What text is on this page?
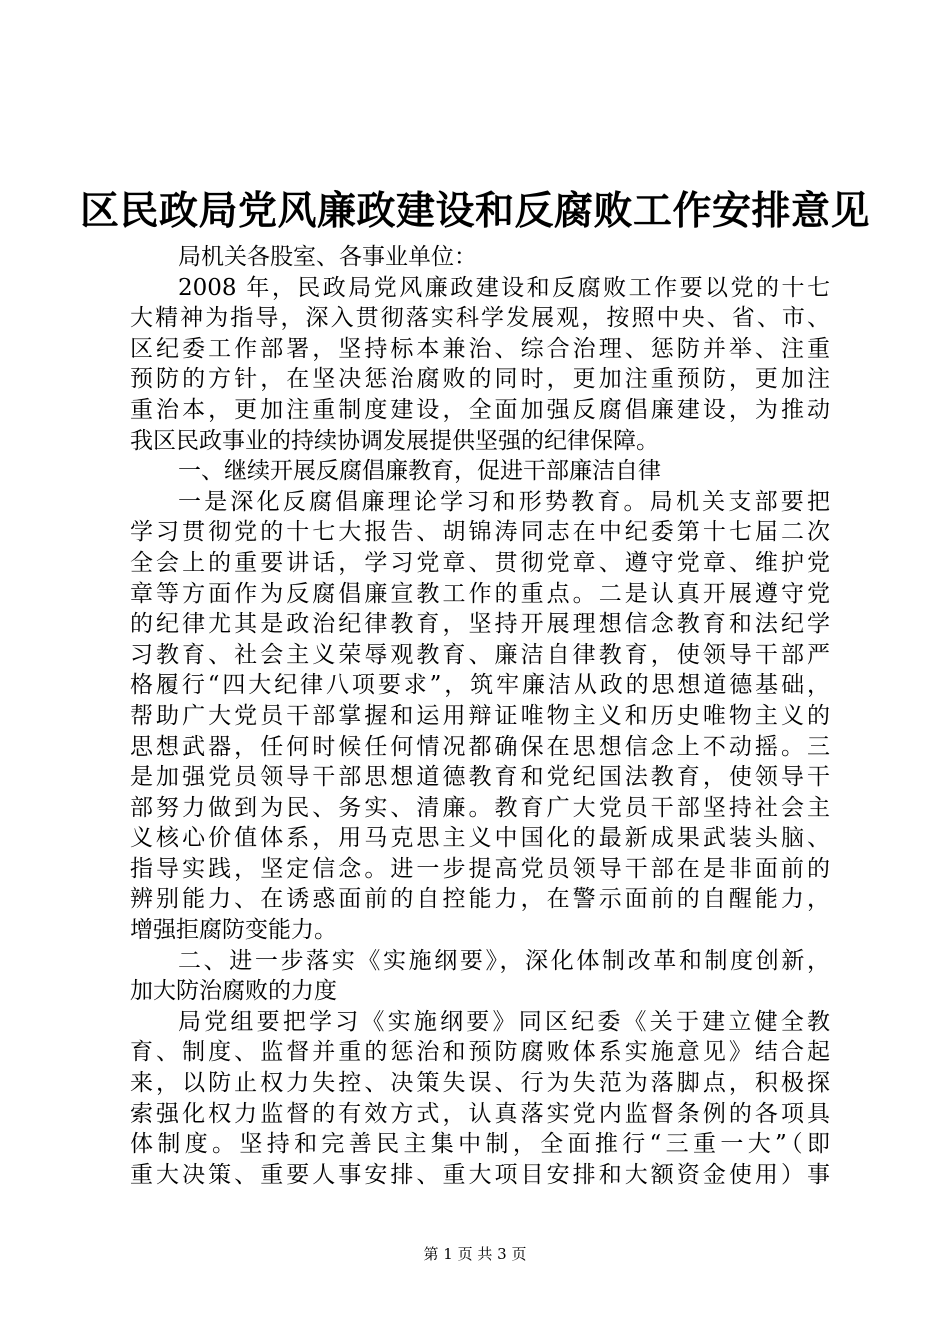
区民政局党风廉政建设和反腐败工作安排意见
局机关各股室、各事业单位：
2008 年，民政局党风廉政建设和反腐败工作要以党的十七
大精神为指导，深入贯彻落实科学发展观，按照中央、省、市、
区纪委工作部署，坚持标本兼治、综合治理、惩防并举、注重
预防的方针，在坚决惩治腐败的同时，更加注重预防，更加注
重治本，更加注重制度建设，全面加强反腐倡廉建设，为推动
我区民政事业的持续协调发展提供坚强的纪律保障。
一、继续开展反腐倡廉教育，促进干部廉洁自律
一是深化反腐倡廉理论学习和形势教育。局机关支部要把
学习贯彻党的十七大报告、胡锦涛同志在中纪委第十七届二次
全会上的重要讲话，学习党章、贯彻党章、遵守党章、维护党
章等方面作为反腐倡廉宣教工作的重点。二是认真开展遵守党
的纪律尤其是政治纪律教育，坚持开展理想信念教育和法纪学
习教育、社会主义荣辱观教育、廉洁自律教育，使领导干部严
格履行“四大纪律八项要求”，筑牢廉洁从政的思想道德基础，
帮助广大党员干部掌握和运用辩证唯物主义和历史唯物主义的
思想武器，任何时候任何情况都确保在思想信念上不动摇。三
是加强党员领导干部思想道德教育和党纪国法教育，使领导干
部努力做到为民、务实、清廉。教育广大党员干部坚持社会主
义核心价值体系，用马克思主义中国化的最新成果武装头脑、
指导实践，坚定信念。进一步提高党员领导干部在是非面前的
辨别能力、在诱惑面前的自控能力，在警示面前的自醒能力，
增强拒腐防变能力。
二、进一步落实《实施纲要》，深化体制改革和制度创新，
加大防治腐败的力度
局党组要把学习《实施纲要》同区纪委《关于建立健全教
育、制度、监督并重的惩治和预防腐败体系实施意见》结合起
来，以防止权力失控、决策失误、行为失范为落脚点，积极探
索强化权力监督的有效方式，认真落实党内监督条例的各项具
体制度。坚持和完善民主集中制，全面推行“三重一大”（即
重大决策、重要人事安排、重大项目安排和大额资金使用）事
第 1 页 共 3 页
